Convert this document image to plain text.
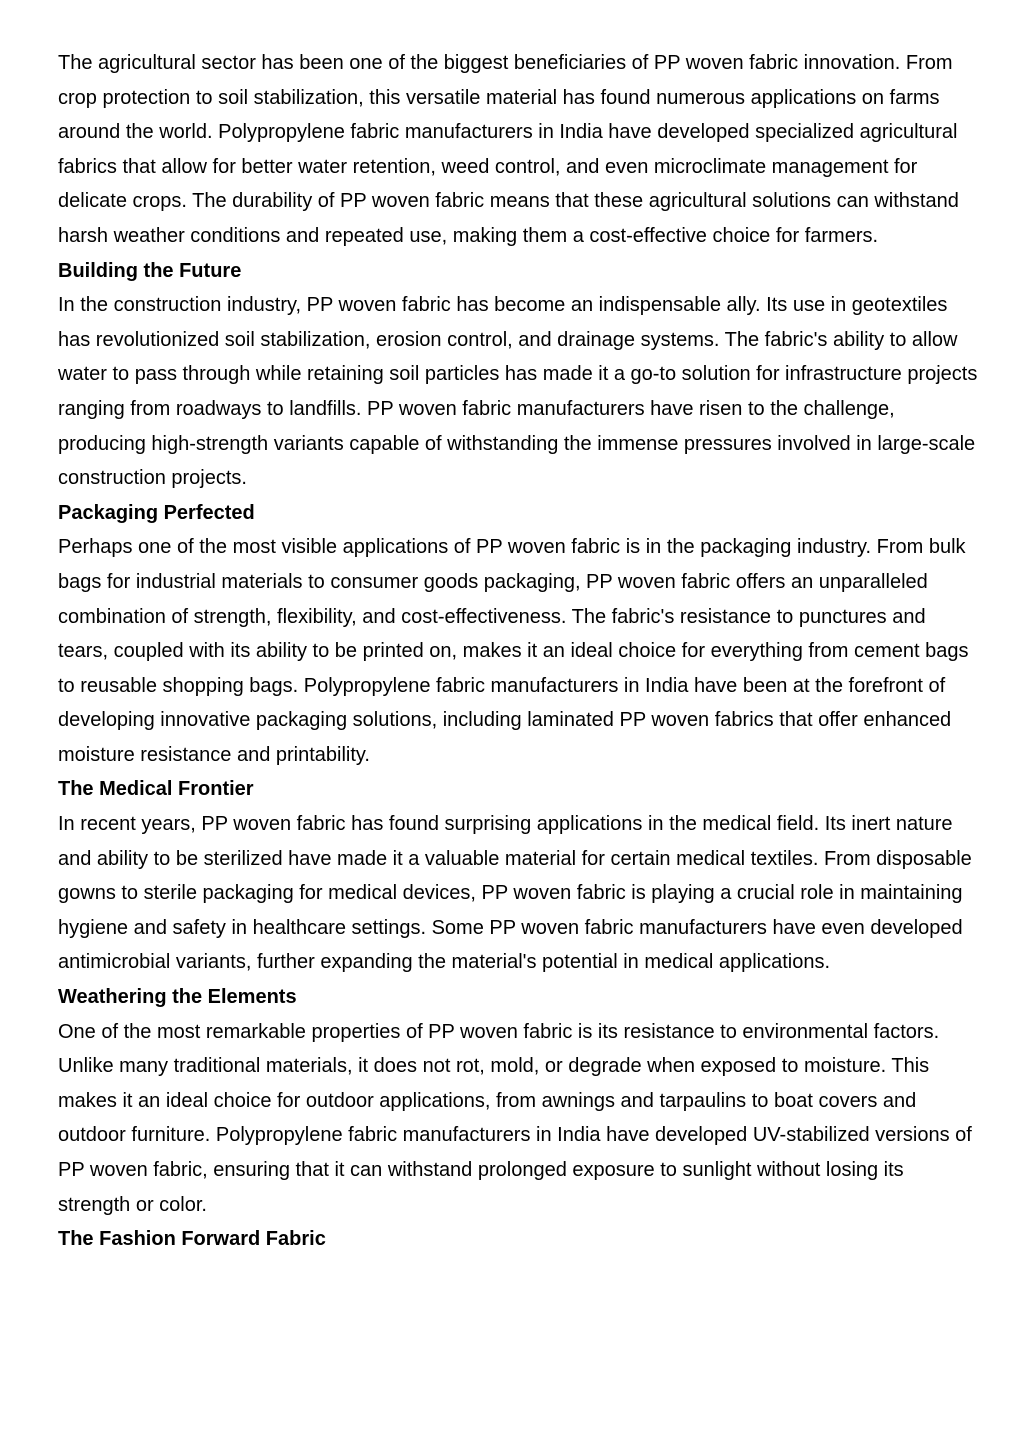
The agricultural sector has been one of the biggest beneficiaries of PP woven fabric innovation. From crop protection to soil stabilization, this versatile material has found numerous applications on farms around the world. Polypropylene fabric manufacturers in India have developed specialized agricultural fabrics that allow for better water retention, weed control, and even microclimate management for delicate crops. The durability of PP woven fabric means that these agricultural solutions can withstand harsh weather conditions and repeated use, making them a cost-effective choice for farmers.

Building the Future

In the construction industry, PP woven fabric has become an indispensable ally. Its use in geotextiles has revolutionized soil stabilization, erosion control, and drainage systems. The fabric's ability to allow water to pass through while retaining soil particles has made it a go-to solution for infrastructure projects ranging from roadways to landfills. PP woven fabric manufacturers have risen to the challenge, producing high-strength variants capable of withstanding the immense pressures involved in large-scale construction projects.

Packaging Perfected

Perhaps one of the most visible applications of PP woven fabric is in the packaging industry. From bulk bags for industrial materials to consumer goods packaging, PP woven fabric offers an unparalleled combination of strength, flexibility, and cost-effectiveness. The fabric's resistance to punctures and tears, coupled with its ability to be printed on, makes it an ideal choice for everything from cement bags to reusable shopping bags. Polypropylene fabric manufacturers in India have been at the forefront of developing innovative packaging solutions, including laminated PP woven fabrics that offer enhanced moisture resistance and printability.

The Medical Frontier

In recent years, PP woven fabric has found surprising applications in the medical field. Its inert nature and ability to be sterilized have made it a valuable material for certain medical textiles. From disposable gowns to sterile packaging for medical devices, PP woven fabric is playing a crucial role in maintaining hygiene and safety in healthcare settings. Some PP woven fabric manufacturers have even developed antimicrobial variants, further expanding the material's potential in medical applications.

Weathering the Elements

One of the most remarkable properties of PP woven fabric is its resistance to environmental factors. Unlike many traditional materials, it does not rot, mold, or degrade when exposed to moisture. This makes it an ideal choice for outdoor applications, from awnings and tarpaulins to boat covers and outdoor furniture. Polypropylene fabric manufacturers in India have developed UV-stabilized versions of PP woven fabric, ensuring that it can withstand prolonged exposure to sunlight without losing its strength or color.

The Fashion Forward Fabric
